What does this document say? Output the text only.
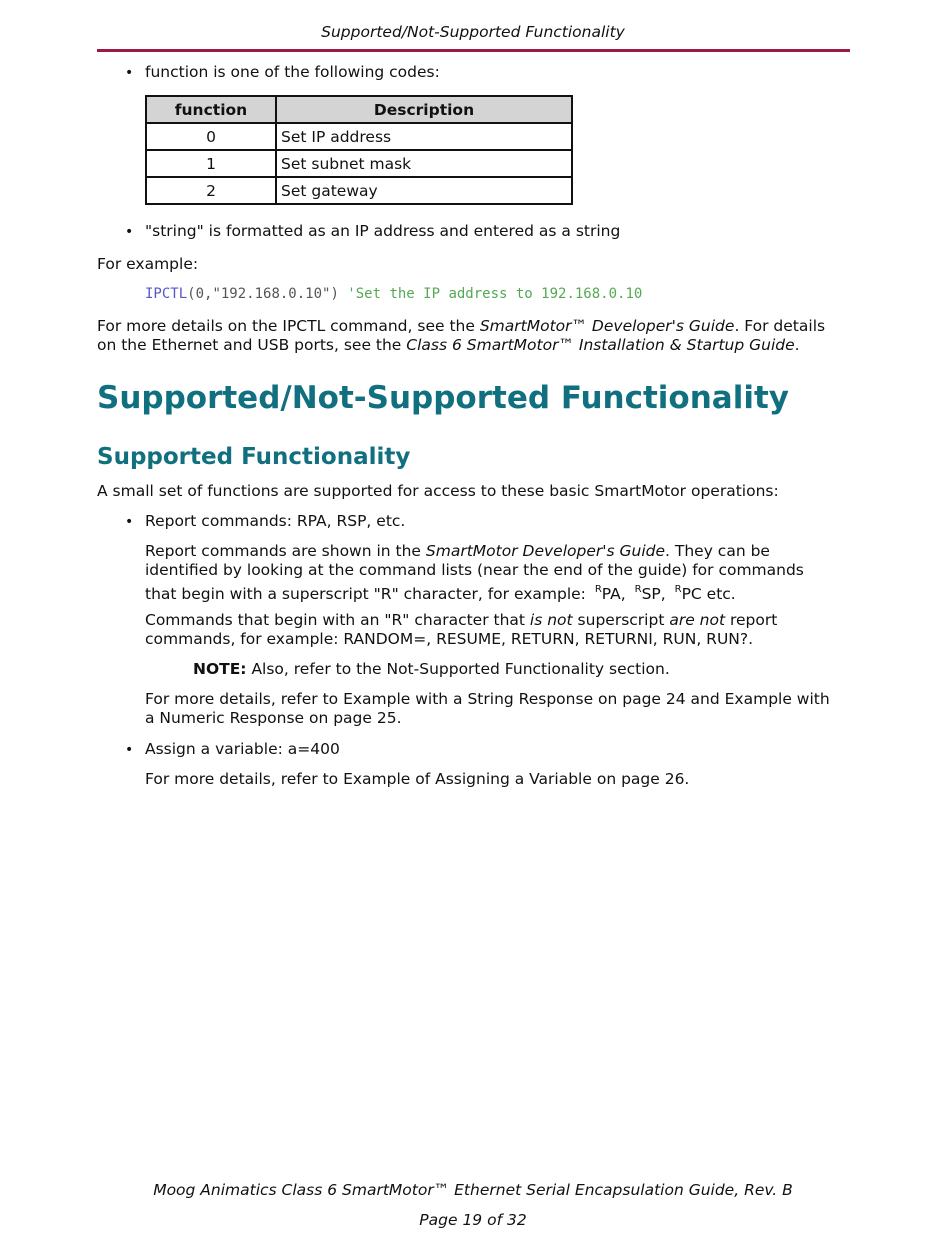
Supported/Not-Supported Functionality
• function is one of the following codes:
function	Description
0	Set IP address
1	Set subnet mask
2	Set gateway
• "string" is formatted as an IP address and entered as a string
For example:
IPCTL(0,"192.168.0.10") 'Set the IP address to 192.168.0.10
For more details on the IPCTL command, see the SmartMotor™ Developer's Guide. For details
on the Ethernet and USB ports, see the Class 6 SmartMotor™ Installation & Startup Guide.
Supported/Not-Supported Functionality
Supported Functionality
A small set of functions are supported for access to these basic SmartMotor operations:
• Report commands: RPA, RSP, etc.
Report commands are shown in the SmartMotor Developer's Guide. They can be
identified by looking at the command lists (near the end of the guide) for commands
that begin with a superscript "R" character, for example: $^R$PA, $^R$SP, $^R$PC etc.
Commands that begin with an "R" character that is not superscript are not report
commands, for example: RANDOM=, RESUME, RETURN, RETURNI, RUN, RUN?.
NOTE: Also, refer to the Not-Supported Functionality section.
For more details, refer to Example with a String Response on page 24 and Example with
a Numeric Response on page 25.
• Assign a variable: a=400
For more details, refer to Example of Assigning a Variable on page 26.
Moog Animatics Class 6 SmartMotor™ Ethernet Serial Encapsulation Guide, Rev. B
Page 19 of 32
